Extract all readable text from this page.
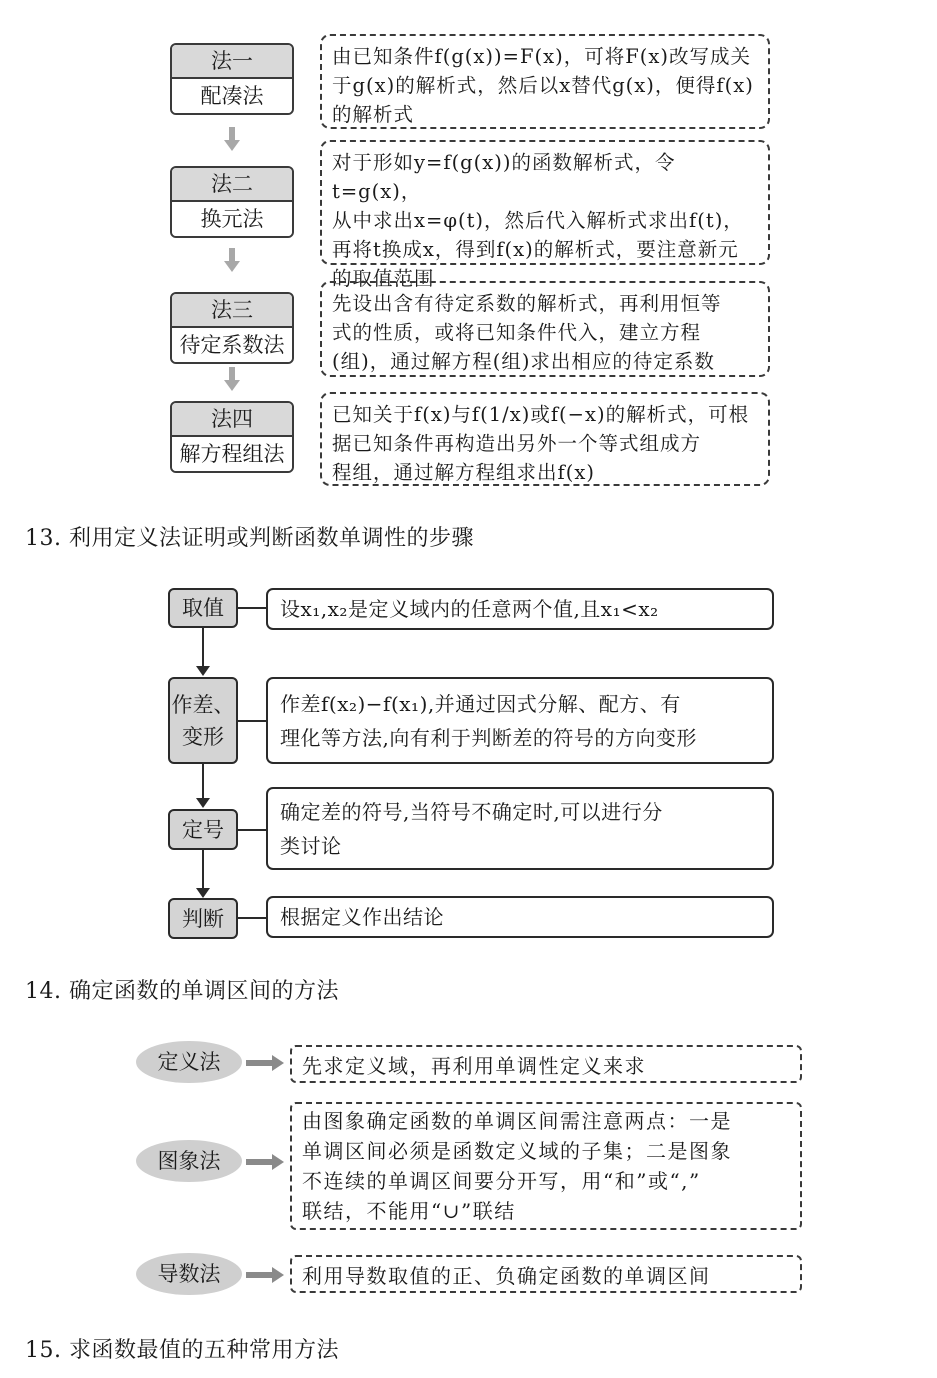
法一
配凑法
由已知条件f(g(x))=F(x)，可将F(x)改写成关
于g(x)的解析式，然后以x替代g(x)，便得f(x)
的解析式
法二
换元法
对于形如y=f(g(x))的函数解析式，令t=g(x)，
从中求出x=φ(t)，然后代入解析式求出f(t)，
再将t换成x，得到f(x)的解析式，要注意新元
的取值范围
法三
待定系数法
先设出含有待定系数的解析式，再利用恒等
式的性质，或将已知条件代入，建立方程
(组)，通过解方程(组)求出相应的待定系数
法四
解方程组法
已知关于f(x)与f(1/x)或f(−x)的解析式，可根
据已知条件再构造出另外一个等式组成方
程组，通过解方程组求出f(x)
13. 利用定义法证明或判断函数单调性的步骤
取值	设x₁,x₂是定义域内的任意两个值,且x₁<x₂
作差、
变形
作差f(x₂)−f(x₁),并通过因式分解、配方、有
理化等方法,向有利于判断差的符号的方向变形
定号
确定差的符号,当符号不确定时,可以进行分
类讨论
判断	根据定义作出结论
14. 确定函数的单调区间的方法
定义法	先求定义域，再利用单调性定义来求
图象法
由图象确定函数的单调区间需注意两点：一是
单调区间必须是函数定义域的子集；二是图象
不连续的单调区间要分开写，用“和”或“,”
联结，不能用“∪”联结
导数法	利用导数取值的正、负确定函数的单调区间
15. 求函数最值的五种常用方法
